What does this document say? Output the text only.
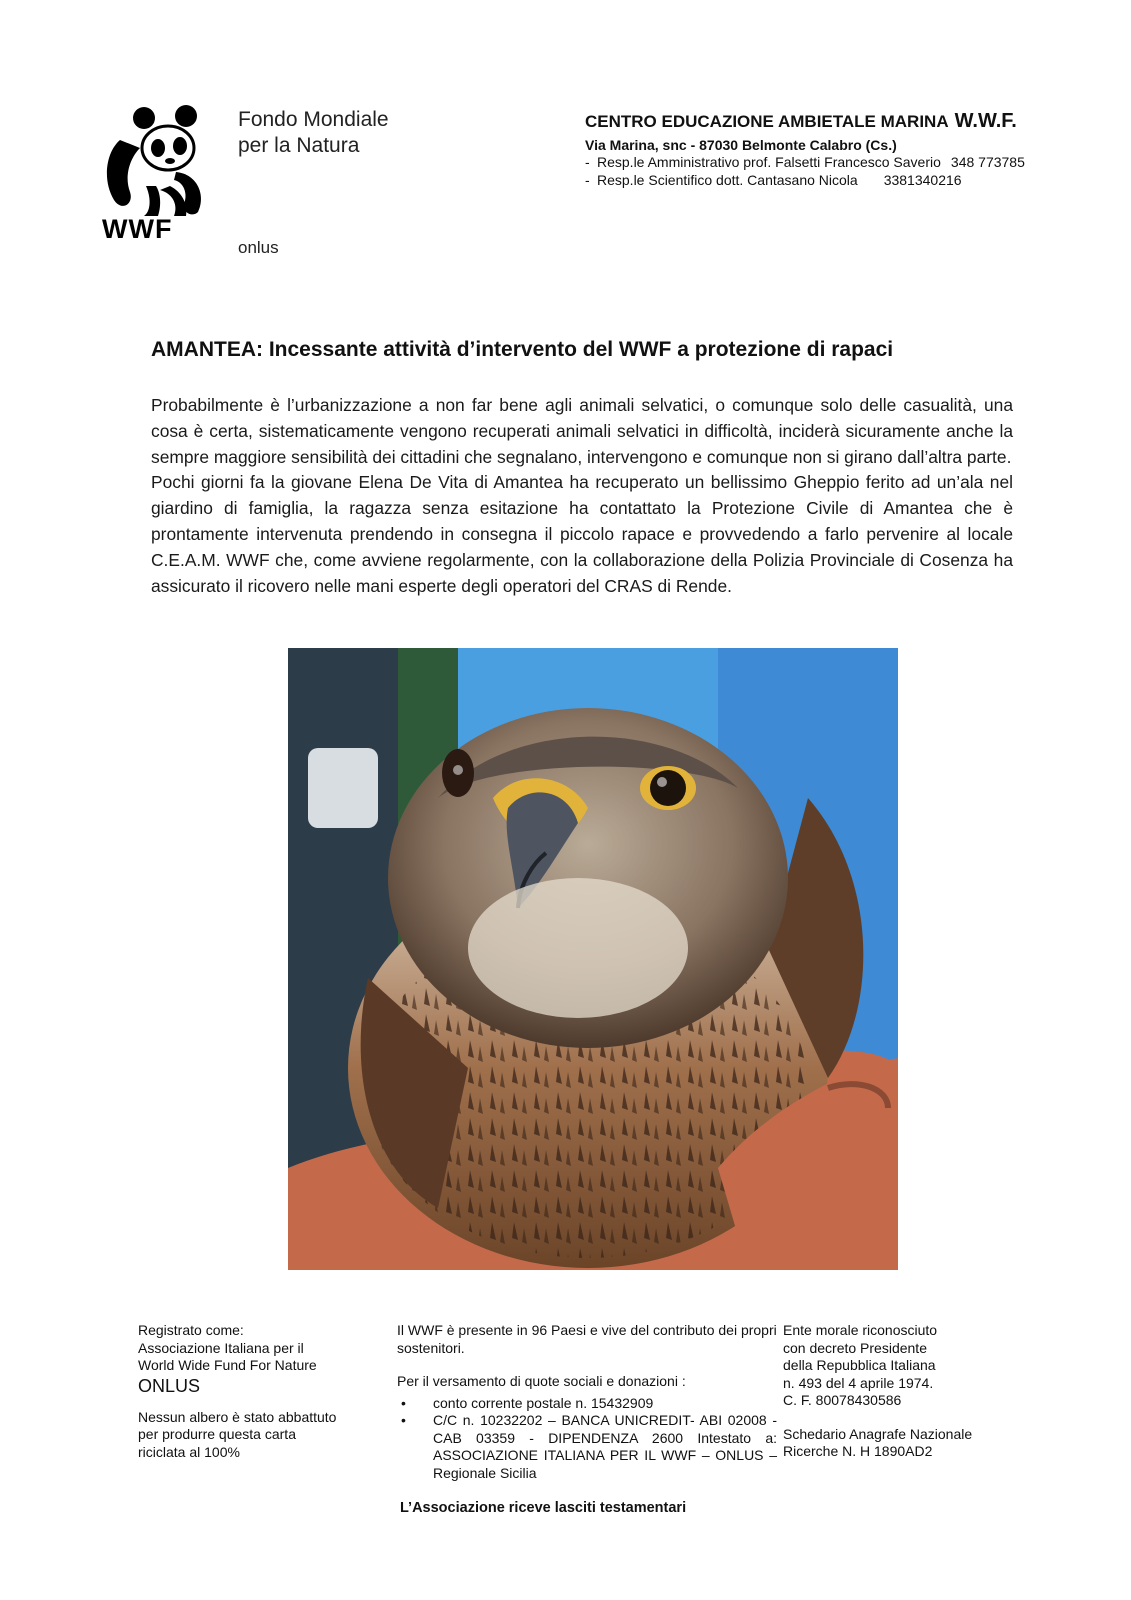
WWF
©
®
Fondo Mondiale
per la Natura
onlus
CENTRO EDUCAZIONE AMBIETALE MARINA W.W.F.
Via Marina, snc - 87030 Belmonte Calabro (Cs.)
- Resp.le Amministrativo prof. Falsetti Francesco Saverio 348 773785
- Resp.le Scientifico dott. Cantasano Nicola 3381340216
AMANTEA: Incessante attività d’intervento del WWF a protezione di rapaci

Probabilmente è l’urbanizzazione a non far bene agli animali selvatici, o comunque solo delle casualità, una cosa è certa, sistematicamente vengono recuperati animali selvatici in difficoltà, inciderà sicuramente anche la sempre maggiore sensibilità dei cittadini che segnalano, intervengono e comunque non si girano dall’altra parte.

Pochi giorni fa la giovane Elena De Vita di Amantea ha recuperato un bellissimo Gheppio ferito ad un’ala nel giardino di famiglia, la ragazza senza esitazione ha contattato la Protezione Civile di Amantea che è prontamente intervenuta prendendo in consegna il piccolo rapace e provvedendo a farlo pervenire al locale C.E.A.M. WWF che, come avviene regolarmente, con la collaborazione della Polizia Provinciale di Cosenza ha assicurato il ricovero nelle mani esperte degli operatori del CRAS di Rende.

Registrato come:
Associazione Italiana per il
World Wide Fund For Nature
ONLUS
Nessun albero è stato abbattuto
per produrre questa carta
riciclata al 100%
Il WWF è presente in 96 Paesi e vive del contributo dei propri sostenitori.
Per il versamento di quote sociali e donazioni :
• conto corrente postale n. 15432909
• C/C n. 10232202 – BANCA UNICREDIT- ABI 02008 - CAB 03359 - DIPENDENZA 2600 Intestato a: ASSOCIAZIONE ITALIANA PER IL WWF – ONLUS – Regionale Sicilia
Ente morale riconosciuto
con decreto Presidente
della Repubblica Italiana
n. 493 del 4 aprile 1974.
C. F. 80078430586
Schedario Anagrafe Nazionale
Ricerche N. H 1890AD2
L’Associazione riceve lasciti testamentari
